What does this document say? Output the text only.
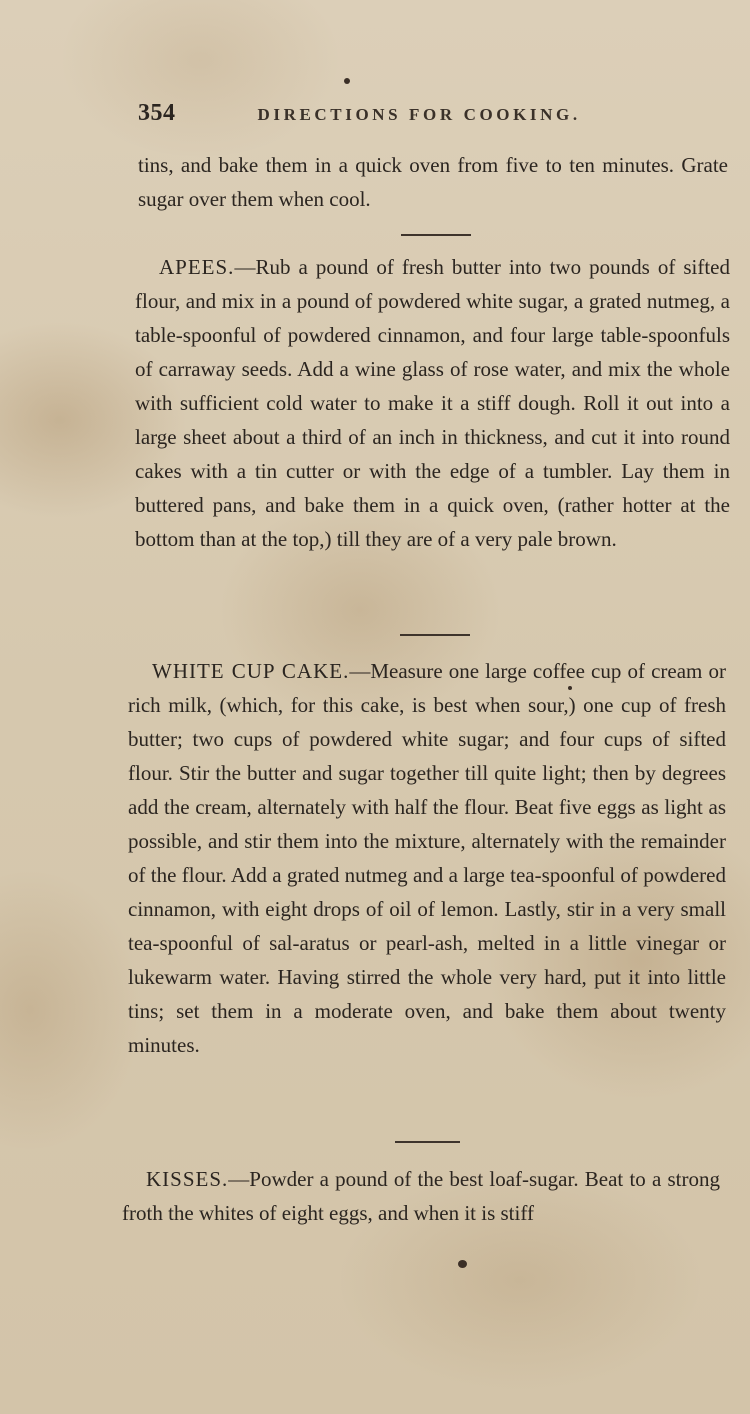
354	DIRECTIONS FOR COOKING.

tins, and bake them in a quick oven from five to ten minutes. Grate sugar over them when cool.

APEES.—Rub a pound of fresh butter into two pounds of sifted flour, and mix in a pound of powdered white sugar, a grated nutmeg, a table-spoonful of powdered cinnamon, and four large table-spoonfuls of carraway seeds. Add a wine glass of rose water, and mix the whole with sufficient cold water to make it a stiff dough. Roll it out into a large sheet about a third of an inch in thickness, and cut it into round cakes with a tin cutter or with the edge of a tumbler. Lay them in buttered pans, and bake them in a quick oven, (rather hotter at the bottom than at the top,) till they are of a very pale brown.

WHITE CUP CAKE.—Measure one large coffee cup of cream or rich milk, (which, for this cake, is best when sour,) one cup of fresh butter; two cups of powdered white sugar; and four cups of sifted flour. Stir the butter and sugar together till quite light; then by degrees add the cream, alternately with half the flour. Beat five eggs as light as possible, and stir them into the mixture, alternately with the remainder of the flour. Add a grated nutmeg and a large tea-spoonful of powdered cinnamon, with eight drops of oil of lemon. Lastly, stir in a very small tea-spoonful of sal-aratus or pearl-ash, melted in a little vinegar or lukewarm water. Having stirred the whole very hard, put it into little tins; set them in a moderate oven, and bake them about twenty minutes.

KISSES.—Powder a pound of the best loaf-sugar. Beat to a strong froth the whites of eight eggs, and when it is stiff
